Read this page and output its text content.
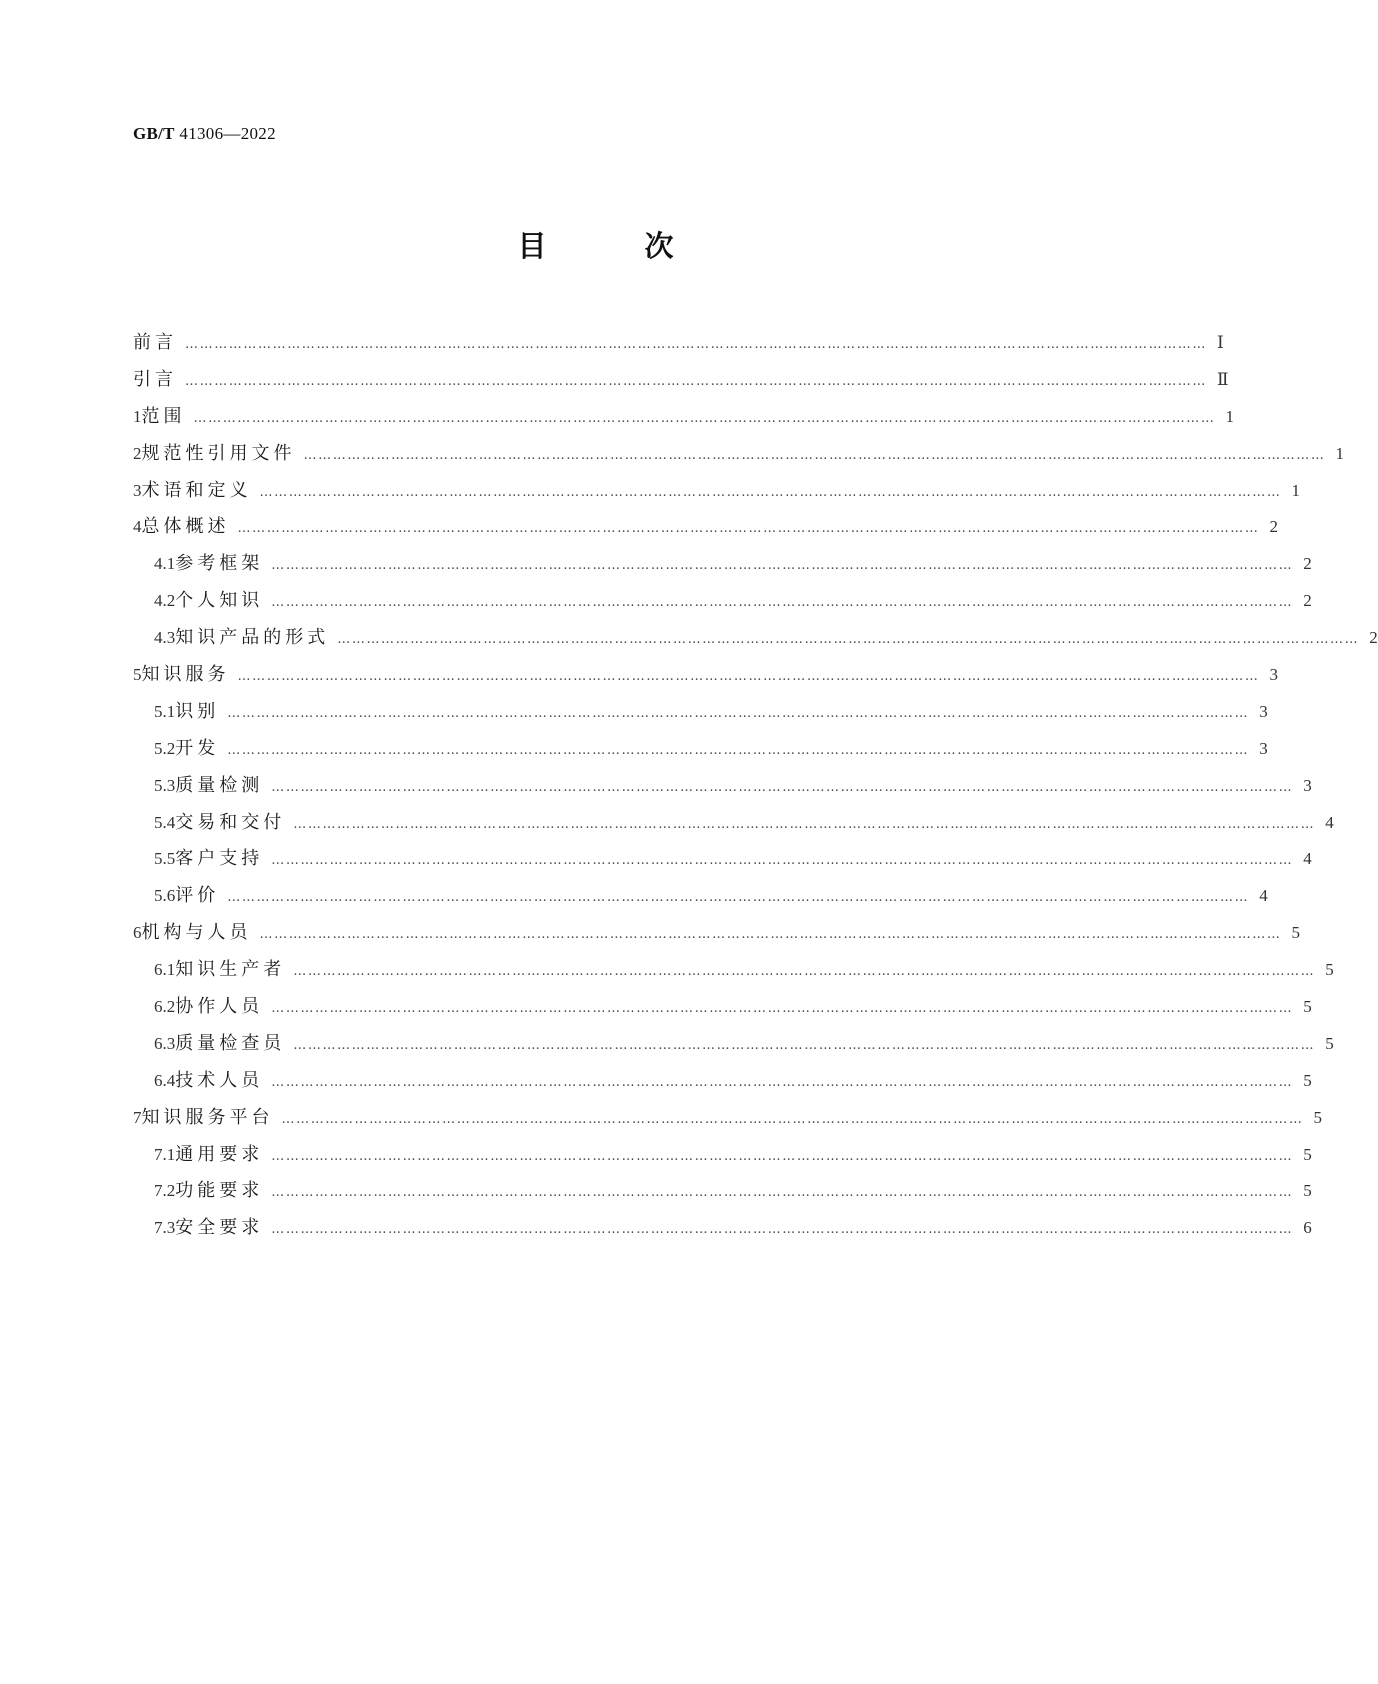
GB/T 41306—2022
目 次
前言 ………………………………………………………………………………………………………………………………………………………………………………………… Ⅰ
引言 ………………………………………………………………………………………………………………………………………………………………………………………… Ⅱ
1 范围 ………………………………………………………………………………………………………………………………………………………………………………………… 1
2 规范性引用文件 ………………………………………………………………………………………………………………………………………………………………………………………… 1
3 术语和定义 ………………………………………………………………………………………………………………………………………………………………………………………… 1
4 总体概述 ………………………………………………………………………………………………………………………………………………………………………………………… 2
4.1 参考框架 ………………………………………………………………………………………………………………………………………………………………………………………… 2
4.2 个人知识 ………………………………………………………………………………………………………………………………………………………………………………………… 2
4.3 知识产品的形式 ………………………………………………………………………………………………………………………………………………………………………………………… 2
5 知识服务 ………………………………………………………………………………………………………………………………………………………………………………………… 3
5.1 识别 ………………………………………………………………………………………………………………………………………………………………………………………… 3
5.2 开发 ………………………………………………………………………………………………………………………………………………………………………………………… 3
5.3 质量检测 ………………………………………………………………………………………………………………………………………………………………………………………… 3
5.4 交易和交付 ………………………………………………………………………………………………………………………………………………………………………………………… 4
5.5 客户支持 ………………………………………………………………………………………………………………………………………………………………………………………… 4
5.6 评价 ………………………………………………………………………………………………………………………………………………………………………………………… 4
6 机构与人员 ………………………………………………………………………………………………………………………………………………………………………………………… 5
6.1 知识生产者 ………………………………………………………………………………………………………………………………………………………………………………………… 5
6.2 协作人员 ………………………………………………………………………………………………………………………………………………………………………………………… 5
6.3 质量检查员 ………………………………………………………………………………………………………………………………………………………………………………………… 5
6.4 技术人员 ………………………………………………………………………………………………………………………………………………………………………………………… 5
7 知识服务平台 ………………………………………………………………………………………………………………………………………………………………………………………… 5
7.1 通用要求 ………………………………………………………………………………………………………………………………………………………………………………………… 5
7.2 功能要求 ………………………………………………………………………………………………………………………………………………………………………………………… 5
7.3 安全要求 ………………………………………………………………………………………………………………………………………………………………………………………… 6
